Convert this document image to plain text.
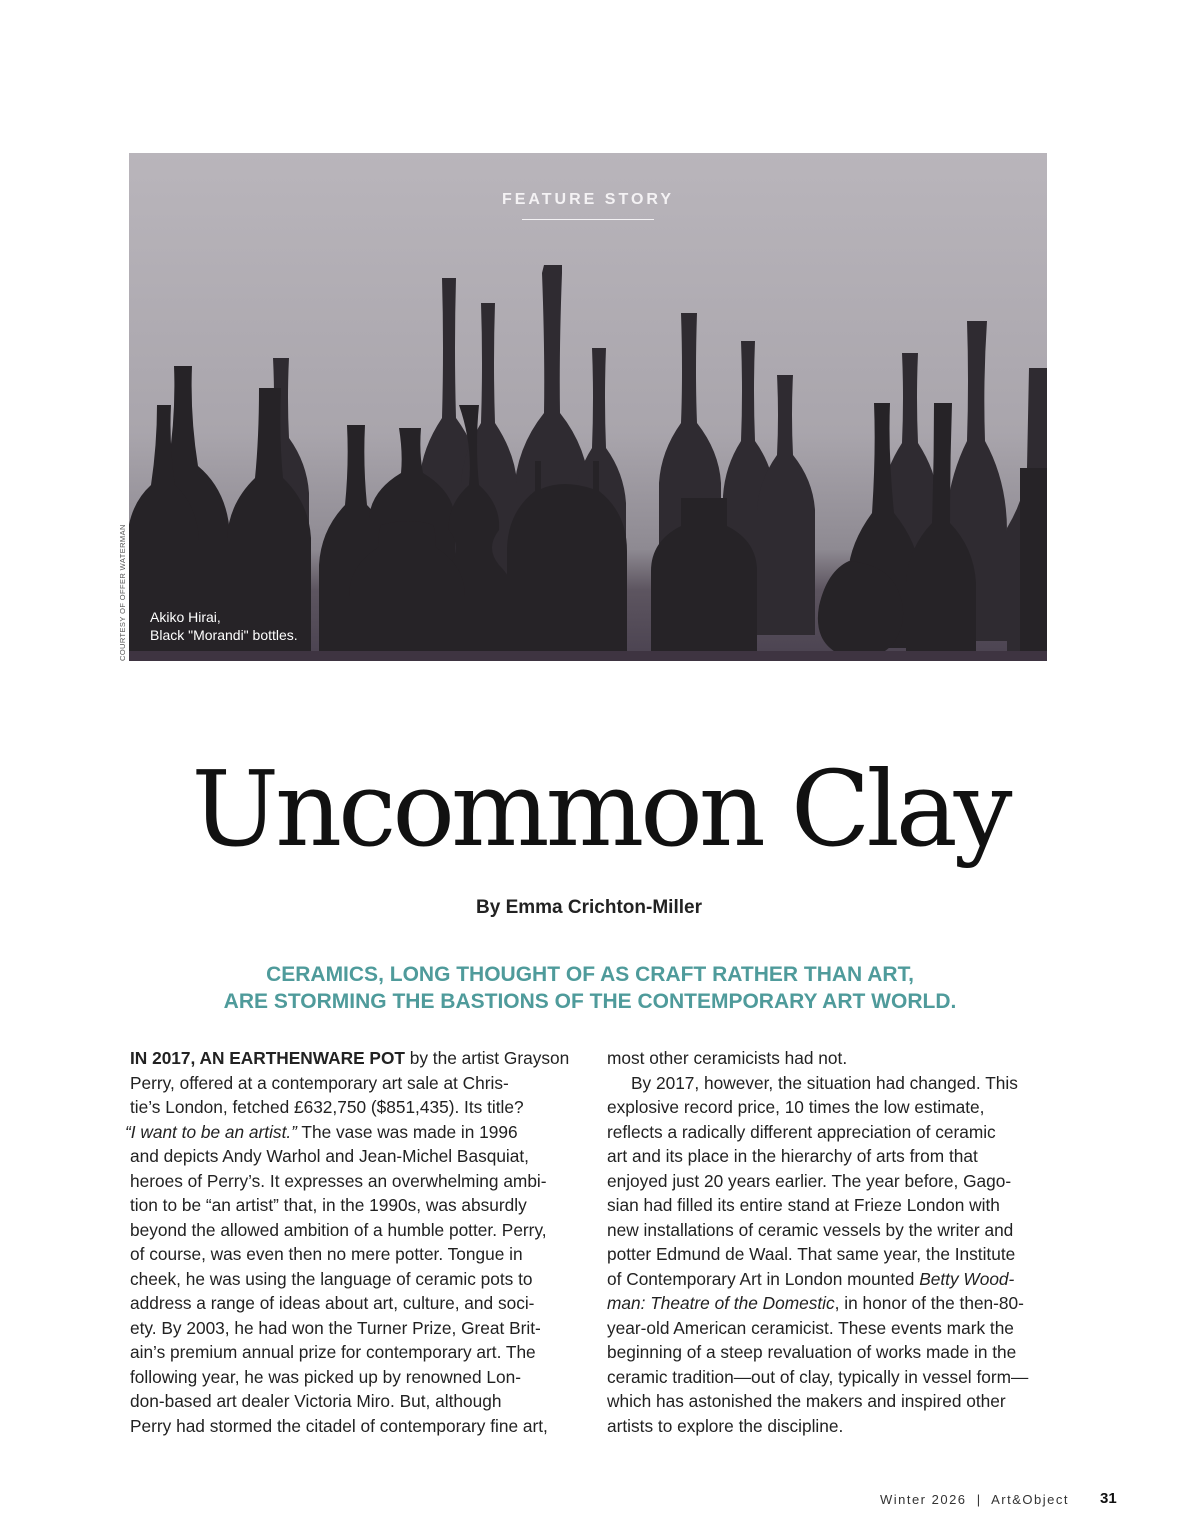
FEATURE STORY
Akiko Hirai,
Black "Morandi" bottles.
COURTESY OF OFFER WATERMAN
Uncommon Clay
By Emma Crichton-Miller
CERAMICS, LONG THOUGHT OF AS CRAFT RATHER THAN ART,
ARE STORMING THE BASTIONS OF THE CONTEMPORARY ART WORLD.
IN 2017, AN EARTHENWARE POT by the artist Grayson
Perry, offered at a contemporary art sale at Chris-
tie’s London, fetched £632,750 ($851,435). Its title?
“I want to be an artist.” The vase was made in 1996
and depicts Andy Warhol and Jean-Michel Basquiat,
heroes of Perry’s. It expresses an overwhelming ambi-
tion to be “an artist” that, in the 1990s, was absurdly
beyond the allowed ambition of a humble potter. Perry,
of course, was even then no mere potter. Tongue in
cheek, he was using the language of ceramic pots to
address a range of ideas about art, culture, and soci-
ety. By 2003, he had won the Turner Prize, Great Brit-
ain’s premium annual prize for contemporary art. The
following year, he was picked up by renowned Lon-
don-based art dealer Victoria Miro. But, although
Perry had stormed the citadel of contemporary fine art,
most other ceramicists had not.
By 2017, however, the situation had changed. This
explosive record price, 10 times the low estimate,
reflects a radically different appreciation of ceramic
art and its place in the hierarchy of arts from that
enjoyed just 20 years earlier. The year before, Gago-
sian had filled its entire stand at Frieze London with
new installations of ceramic vessels by the writer and
potter Edmund de Waal. That same year, the Institute
of Contemporary Art in London mounted Betty Wood-
man: Theatre of the Domestic, in honor of the then-80-
year-old American ceramicist. These events mark the
beginning of a steep revaluation of works made in the
ceramic tradition—out of clay, typically in vessel form—
which has astonished the makers and inspired other
artists to explore the discipline.
Winter 2026  |  Art&Object 31
